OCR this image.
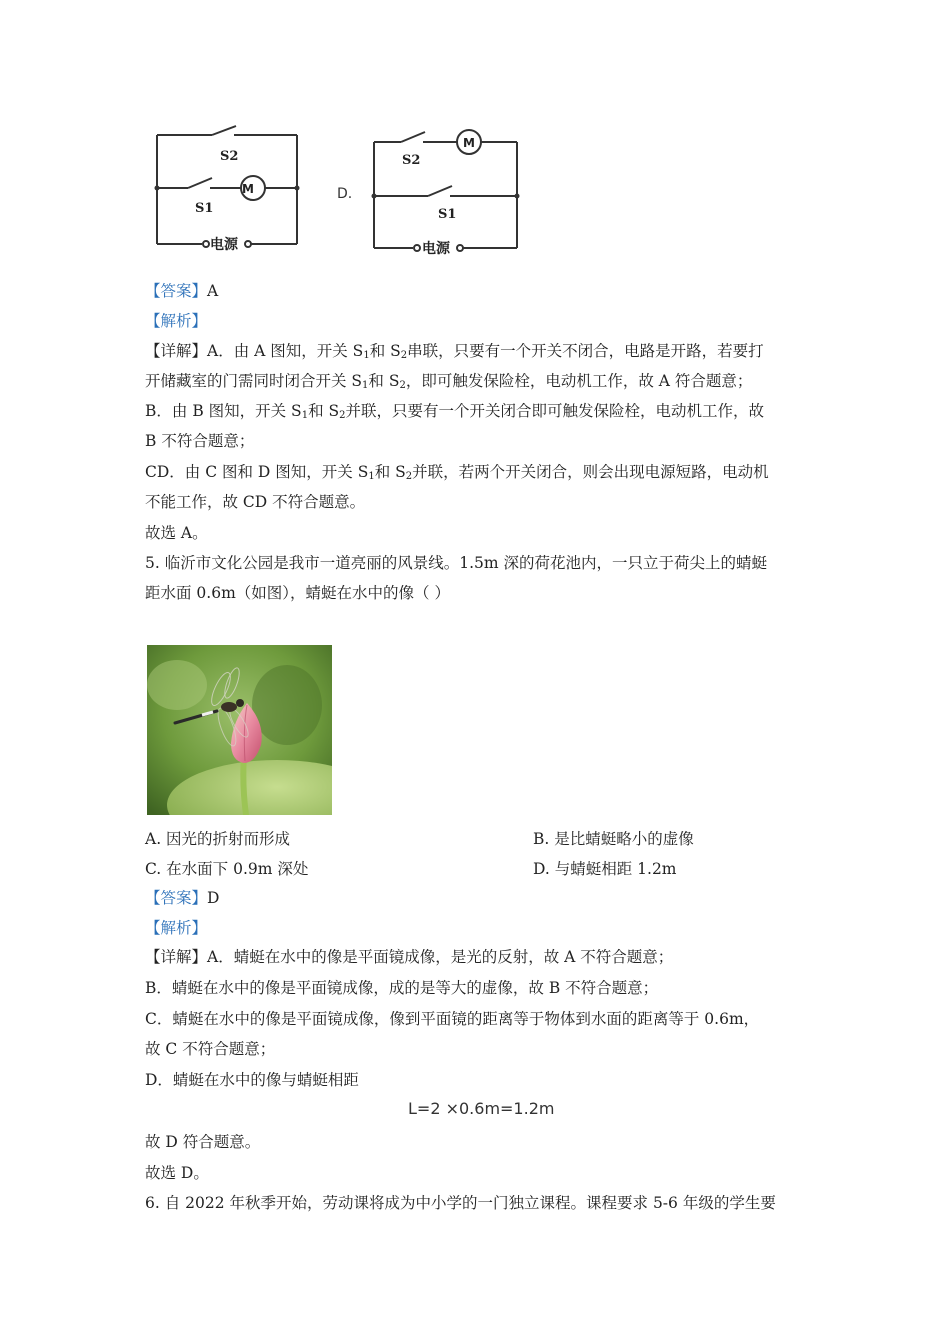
S2
S1
M
电源
D.
S2
S1
M
电源
【答案】A
【解析】
【详解】A．由 A 图知，开关 $S_1$和 $S_2$串联，只要有一个开关不闭合，电路是开路，若要打
开储藏室的门需同时闭合开关 $S_1$和 $S_2$，即可触发保险栓，电动机工作，故 A 符合题意；
B．由 B 图知，开关 $S_1$和 $S_2$并联，只要有一个开关闭合即可触发保险栓，电动机工作，故
B 不符合题意；
CD．由 C 图和 D 图知，开关 $S_1$和 $S_2$并联，若两个开关闭合，则会出现电源短路，电动机
不能工作，故 CD 不符合题意。
故选 A。
5. 临沂市文化公园是我市一道亮丽的风景线。1.5m 深的荷花池内，一只立于荷尖上的蜻蜓
距水面 0.6m（如图），蜻蜓在水中的像（ ）
A. 因光的折射而形成	B. 是比蜻蜓略小的虚像
C. 在水面下 0.9m 深处	D. 与蜻蜓相距 1.2m
【答案】D
【解析】
【详解】A．蜻蜓在水中的像是平面镜成像，是光的反射，故 A 不符合题意；
B．蜻蜓在水中的像是平面镜成像，成的是等大的虚像，故 B 不符合题意；
C．蜻蜓在水中的像是平面镜成像，像到平面镜的距离等于物体到水面的距离等于 0.6m，
故 C 不符合题意；
D．蜻蜓在水中的像与蜻蜓相距
L=2 ×0.6m=1.2m
故 D 符合题意。
故选 D。
6. 自 2022 年秋季开始，劳动课将成为中小学的一门独立课程。课程要求 5-6 年级的学生要
